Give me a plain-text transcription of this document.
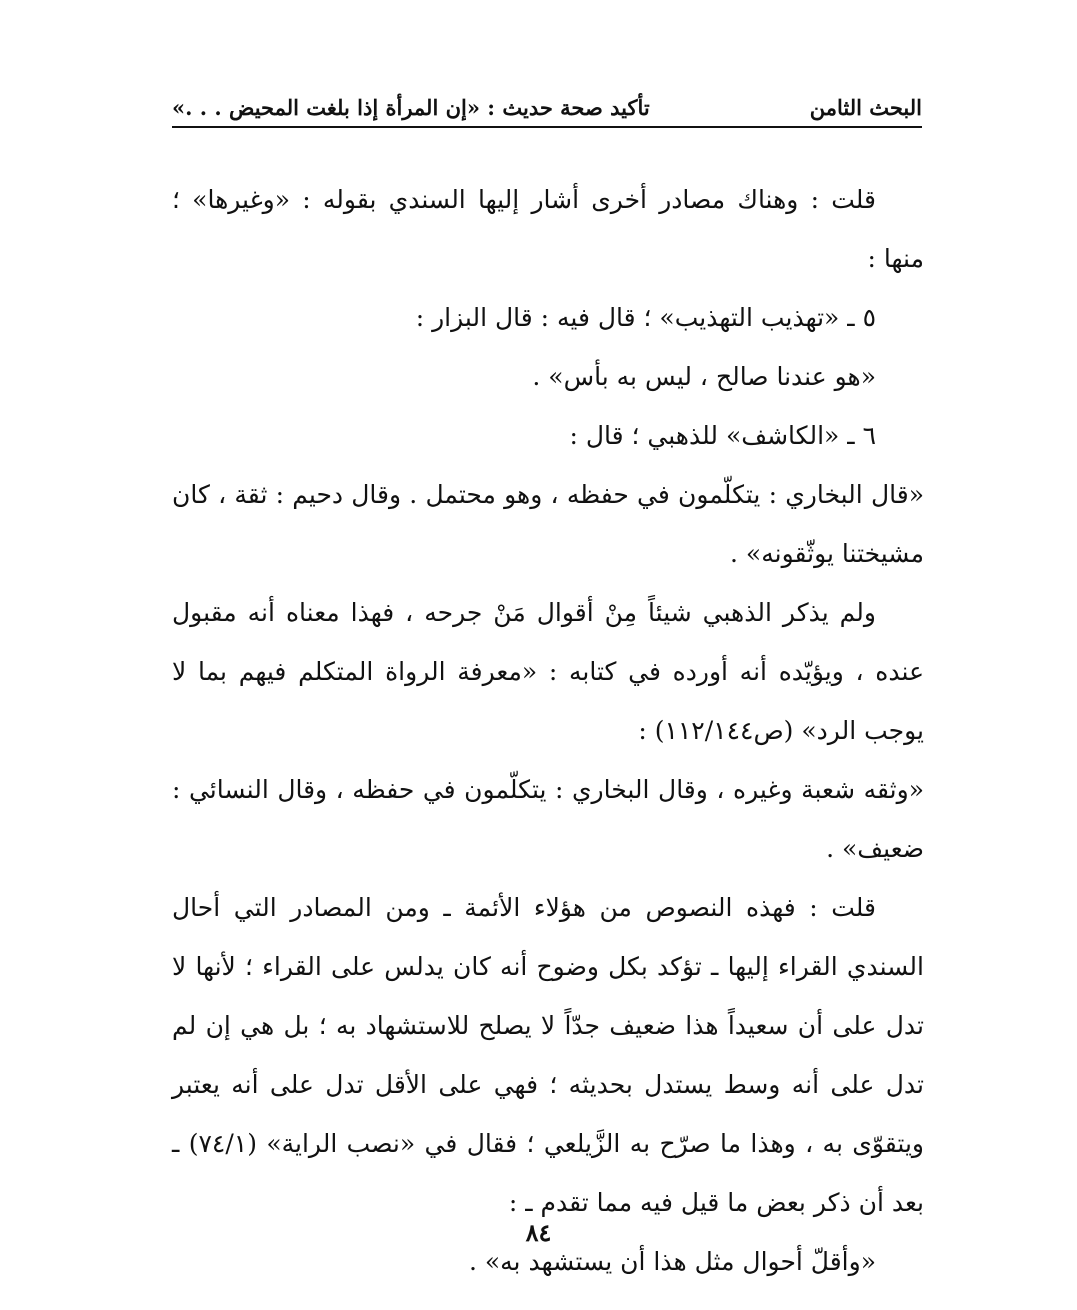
البحث الثامن
تأكيد صحة حديث : «إن المرأة إذا بلغت المحيض . . .»

قلت : وهناك مصادر أخرى أشار إليها السندي بقوله : «وغيرها» ؛ منها :

٥ ـ «تهذيب التهذيب» ؛ قال فيه : قال البزار :

«هو عندنا صالح ، ليس به بأس» .

٦ ـ «الكاشف» للذهبي ؛ قال :

«قال البخاري : يتكلّمون في حفظه ، وهو محتمل . وقال دحيم : ثقة ، كان مشيختنا يوثّقونه» .

ولم يذكر الذهبي شيئاً مِنْ أقوال مَنْ جرحه ، فهذا معناه أنه مقبول عنده ، ويؤيّده أنه أورده في كتابه : «معرفة الرواة المتكلم فيهم بما لا يوجب الرد» (ص١١٢/١٤٤) :

«وثقه شعبة وغيره ، وقال البخاري : يتكلّمون في حفظه ، وقال النسائي : ضعيف» .

قلت : فهذه النصوص من هؤلاء الأئمة ـ ومن المصادر التي أحال السندي القراء إليها ـ تؤكد بكل وضوح أنه كان يدلس على القراء ؛ لأنها لا تدل على أن سعيداً هذا ضعيف جدّاً لا يصلح للاستشهاد به ؛ بل هي إن لم تدل على أنه وسط يستدل بحديثه ؛ فهي على الأقل تدل على أنه يعتبر ويتقوّى به ، وهذا ما صرّح به الزَّيلعي ؛ فقال في «نصب الراية» (٧٤/١) ـ بعد أن ذكر بعض ما قيل فيه مما تقدم ـ :

«وأقلّ أحوال مثل هذا أن يستشهد به» .

٨٤
